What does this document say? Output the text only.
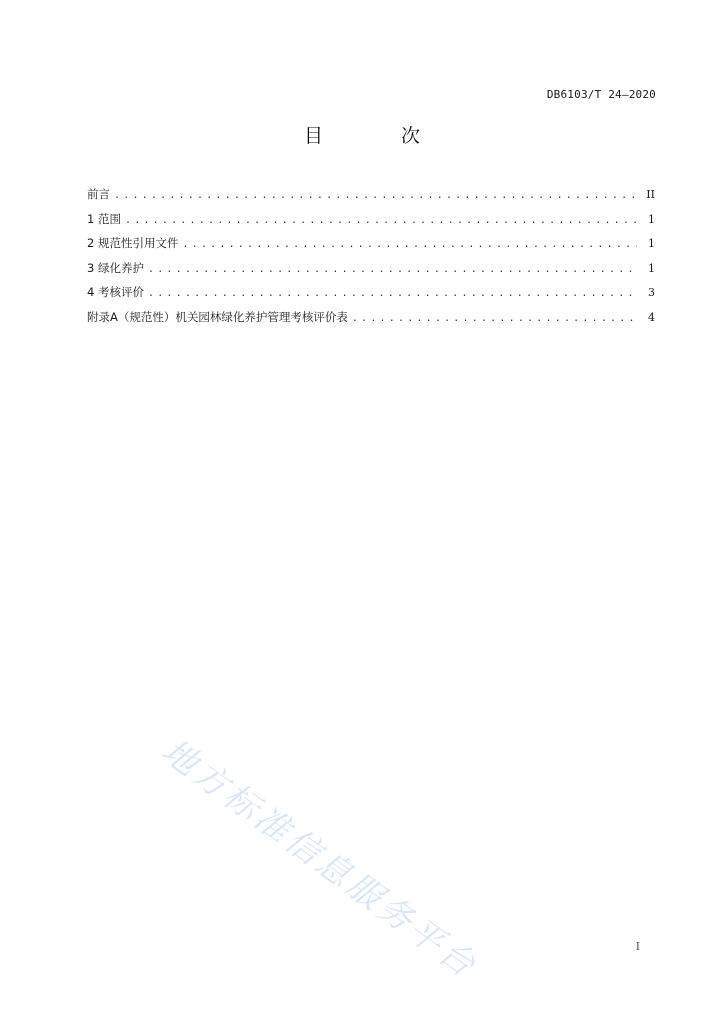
DB6103/T 24—2020
目 次
前言 .....	II
1 范围 .....	1
2 规范性引用文件 .....	1
3 绿化养护 .....	1
4 考核评价 .....	3
附录A（规范性）机关园林绿化养护管理考核评价表 .....	4
地方标准信息服务平台	I
